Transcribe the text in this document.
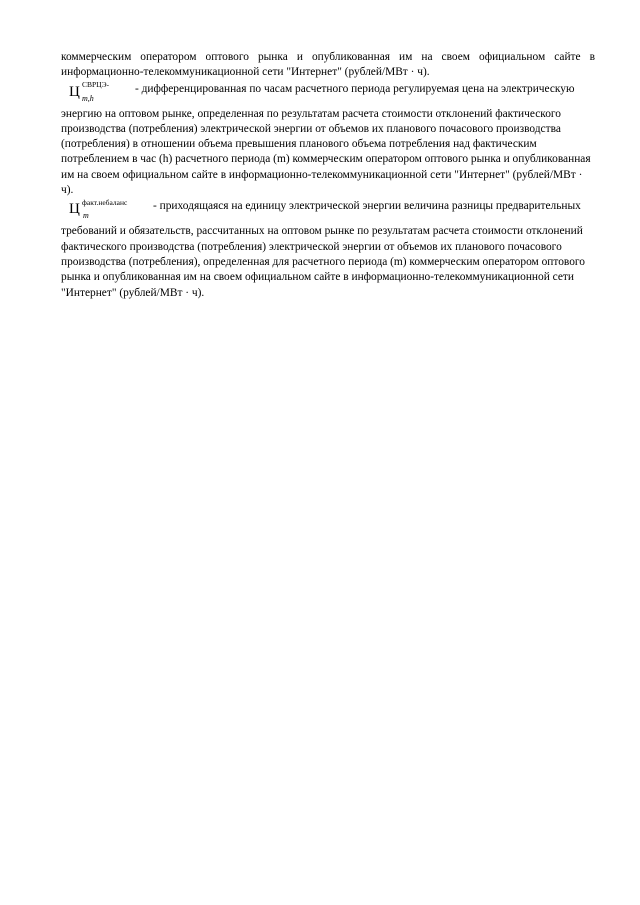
коммерческим оператором оптового рынка и опубликованная им на своем официальном сайте в информационно-телекоммуникационной сети "Интернет" (рублей/МВт · ч).

Ц СВРЦЭ-
m,h
- дифференцированная по часам расчетного периода регулируемая цена на электрическую энергию на оптовом рынке, определенная по результатам расчета стоимости отклонений фактического производства (потребления) электрической энергии от объемов их планового почасового производства (потребления) в отношении объема превышения планового объема потребления над фактическим потреблением в час (h) расчетного периода (m) коммерческим оператором оптового рынка и опубликованная им на своем официальном сайте в информационно-телекоммуникационной сети "Интернет" (рублей/МВт · ч).
Ц факт.небаланс
m
- приходящаяся на единицу электрической энергии величина разницы предварительных требований и обязательств, рассчитанных на оптовом рынке по результатам расчета стоимости отклонений фактического производства (потребления) электрической энергии от объемов их планового почасового производства (потребления), определенная для расчетного периода (m) коммерческим оператором оптового рынка и опубликованная им на своем официальном сайте в информационно-телекоммуникационной сети "Интернет" (рублей/МВт · ч).
